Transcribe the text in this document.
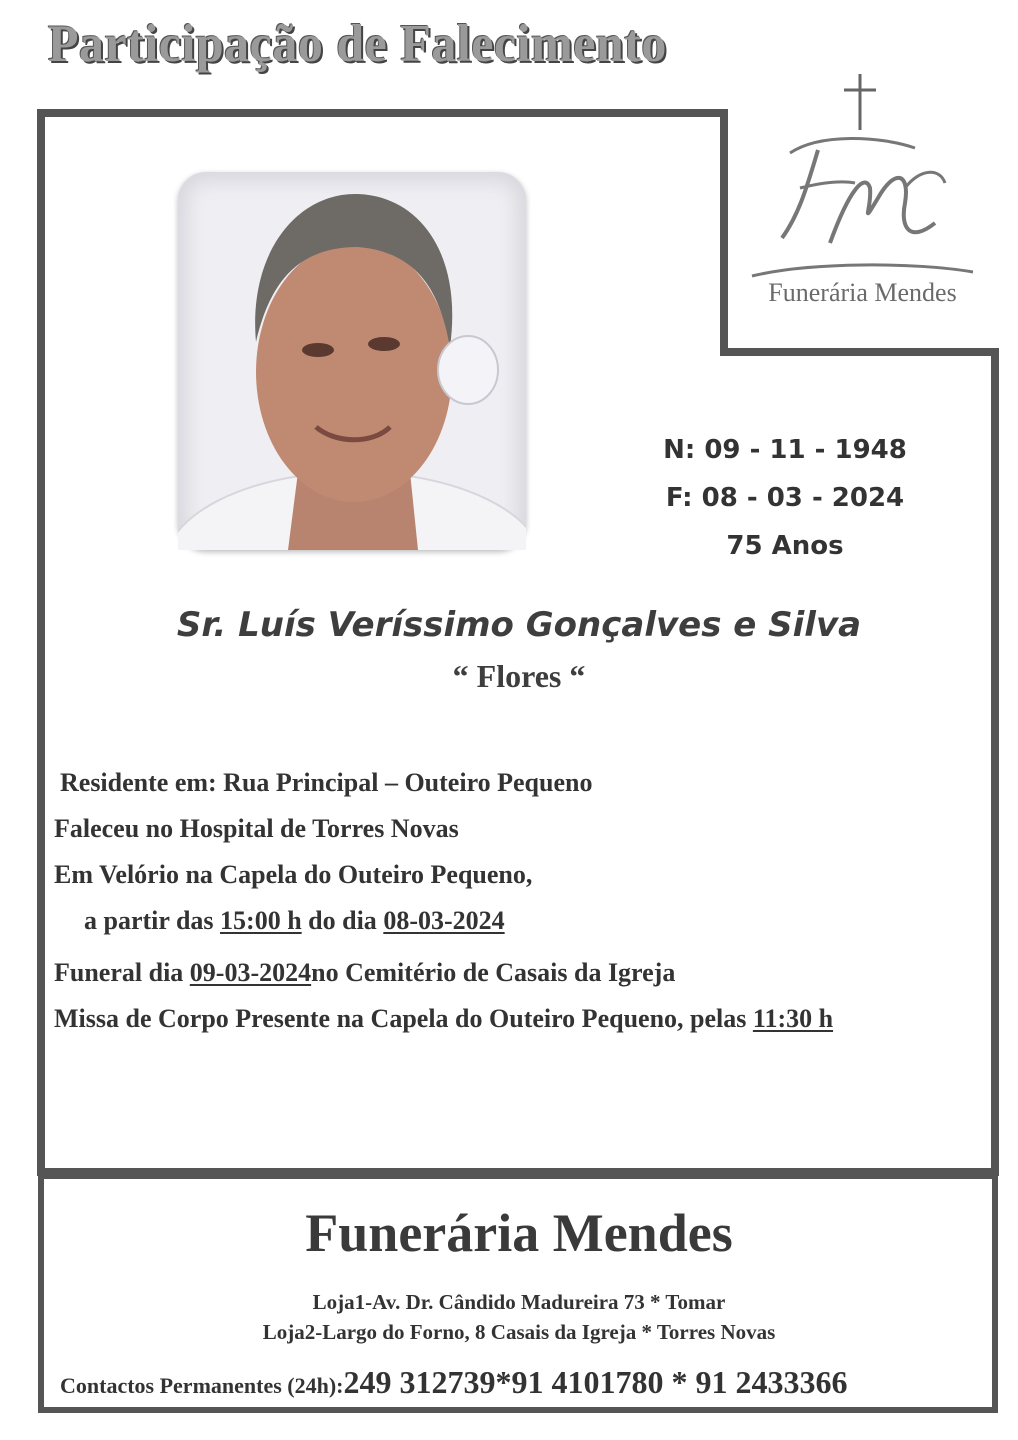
Participação de Falecimento
Funerária Mendes
N: 09 - 11 - 1948
F: 08 - 03 - 2024
75 Anos
Sr. Luís Veríssimo Gonçalves e Silva
“ Flores “
Residente em: Rua Principal – Outeiro Pequeno
Faleceu no Hospital de Torres Novas
Em Velório na Capela do Outeiro Pequeno,
a partir das 15:00 h do dia 08-03-2024
Funeral dia 09-03-2024no Cemitério de Casais da Igreja
Missa de Corpo Presente na Capela do Outeiro Pequeno, pelas 11:30 h
Funerária Mendes
Loja1-Av. Dr. Cândido Madureira 73 * Tomar
Loja2-Largo do Forno, 8 Casais da Igreja * Torres Novas
Contactos Permanentes (24h):249 312739*91 4101780 * 91 2433366
